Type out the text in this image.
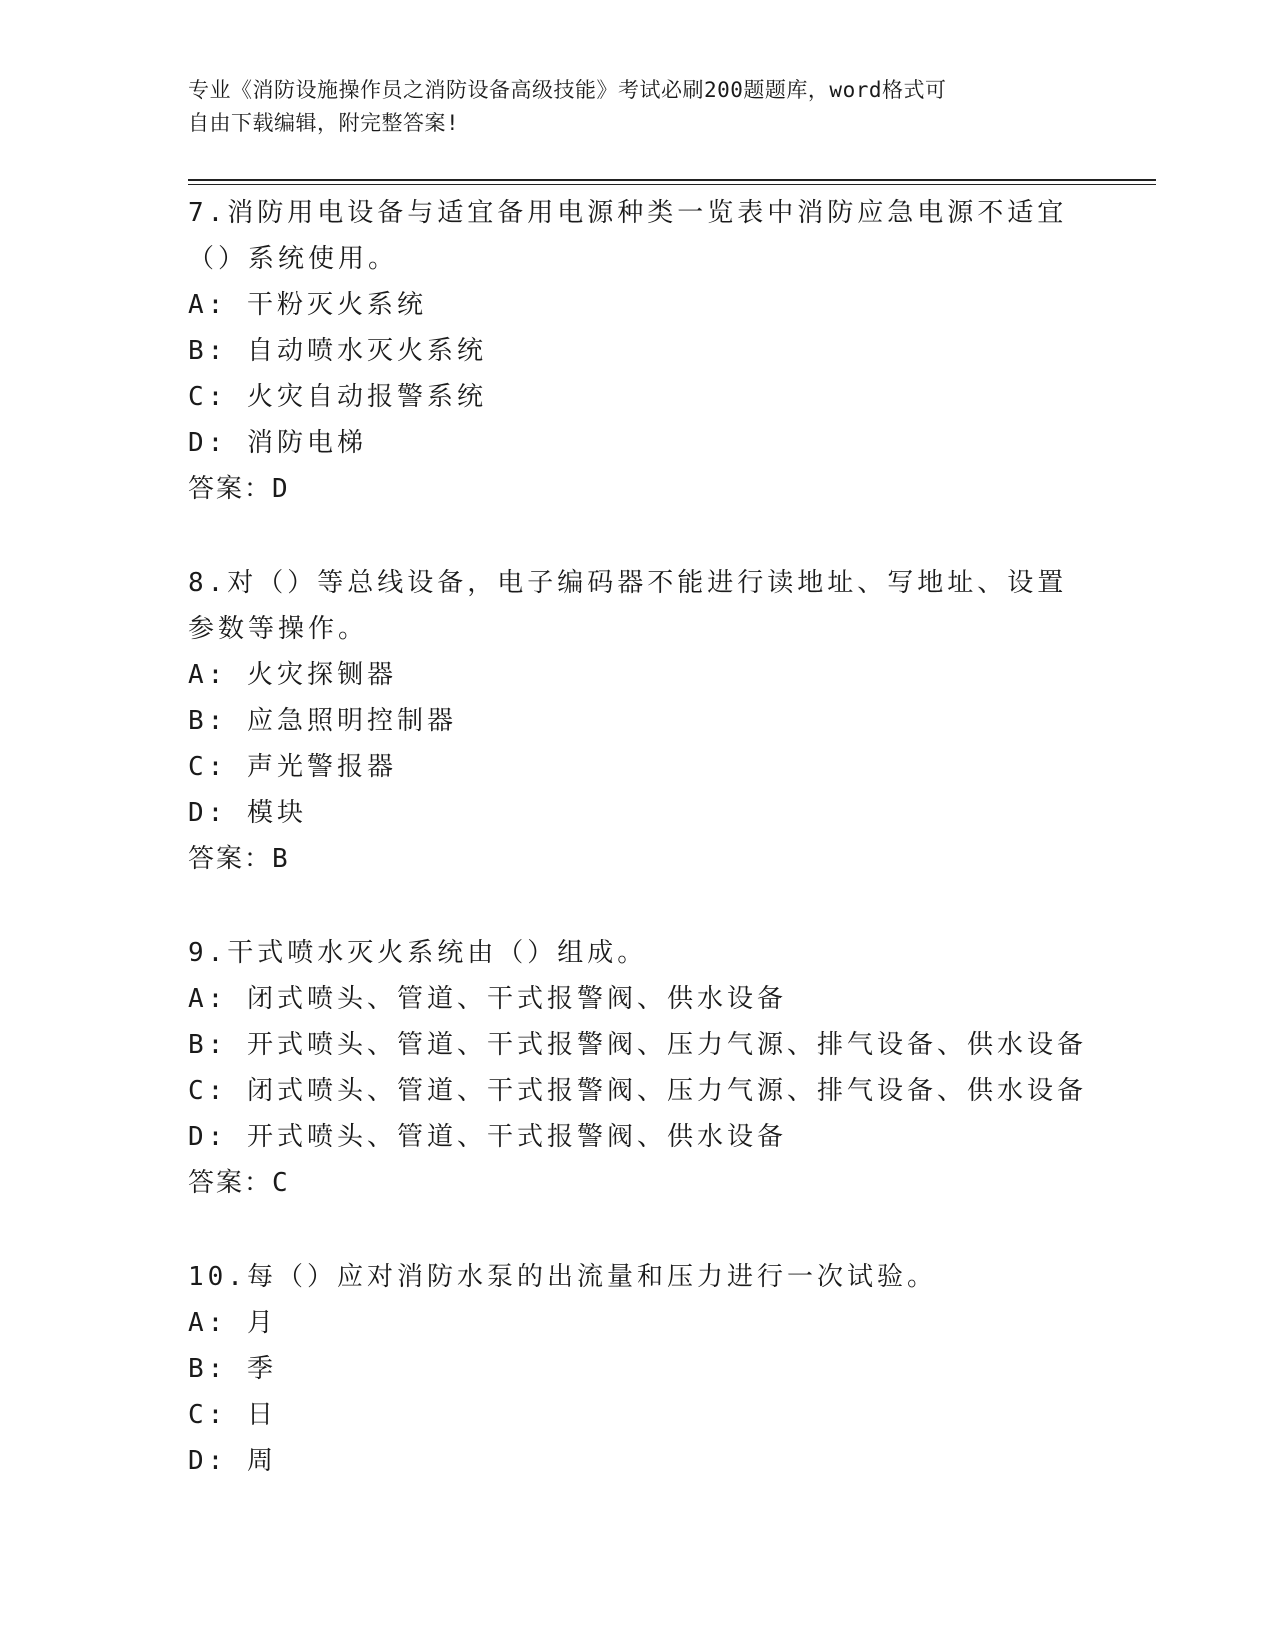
专业《消防设施操作员之消防设备高级技能》考试必刷200题题库，word格式可
自由下载编辑，附完整答案!

7.消防用电设备与适宜备用电源种类一览表中消防应急电源不适宜（）系统使用。

A: 干粉灭火系统

B: 自动喷水灭火系统

C: 火灾自动报警系统

D: 消防电梯

答案：D

8.对（）等总线设备，电子编码器不能进行读地址、写地址、设置参数等操作。

A: 火灾探铡器

B: 应急照明控制器

C: 声光警报器

D: 模块

答案：B

9.干式喷水灭火系统由（）组成。

A: 闭式喷头、管道、干式报警阀、供水设备

B: 开式喷头、管道、干式报警阀、压力气源、排气设备、供水设备

C: 闭式喷头、管道、干式报警阀、压力气源、排气设备、供水设备

D: 开式喷头、管道、干式报警阀、供水设备

答案：C

10.每（）应对消防水泵的出流量和压力进行一次试验。

A: 月

B: 季

C: 日

D: 周
